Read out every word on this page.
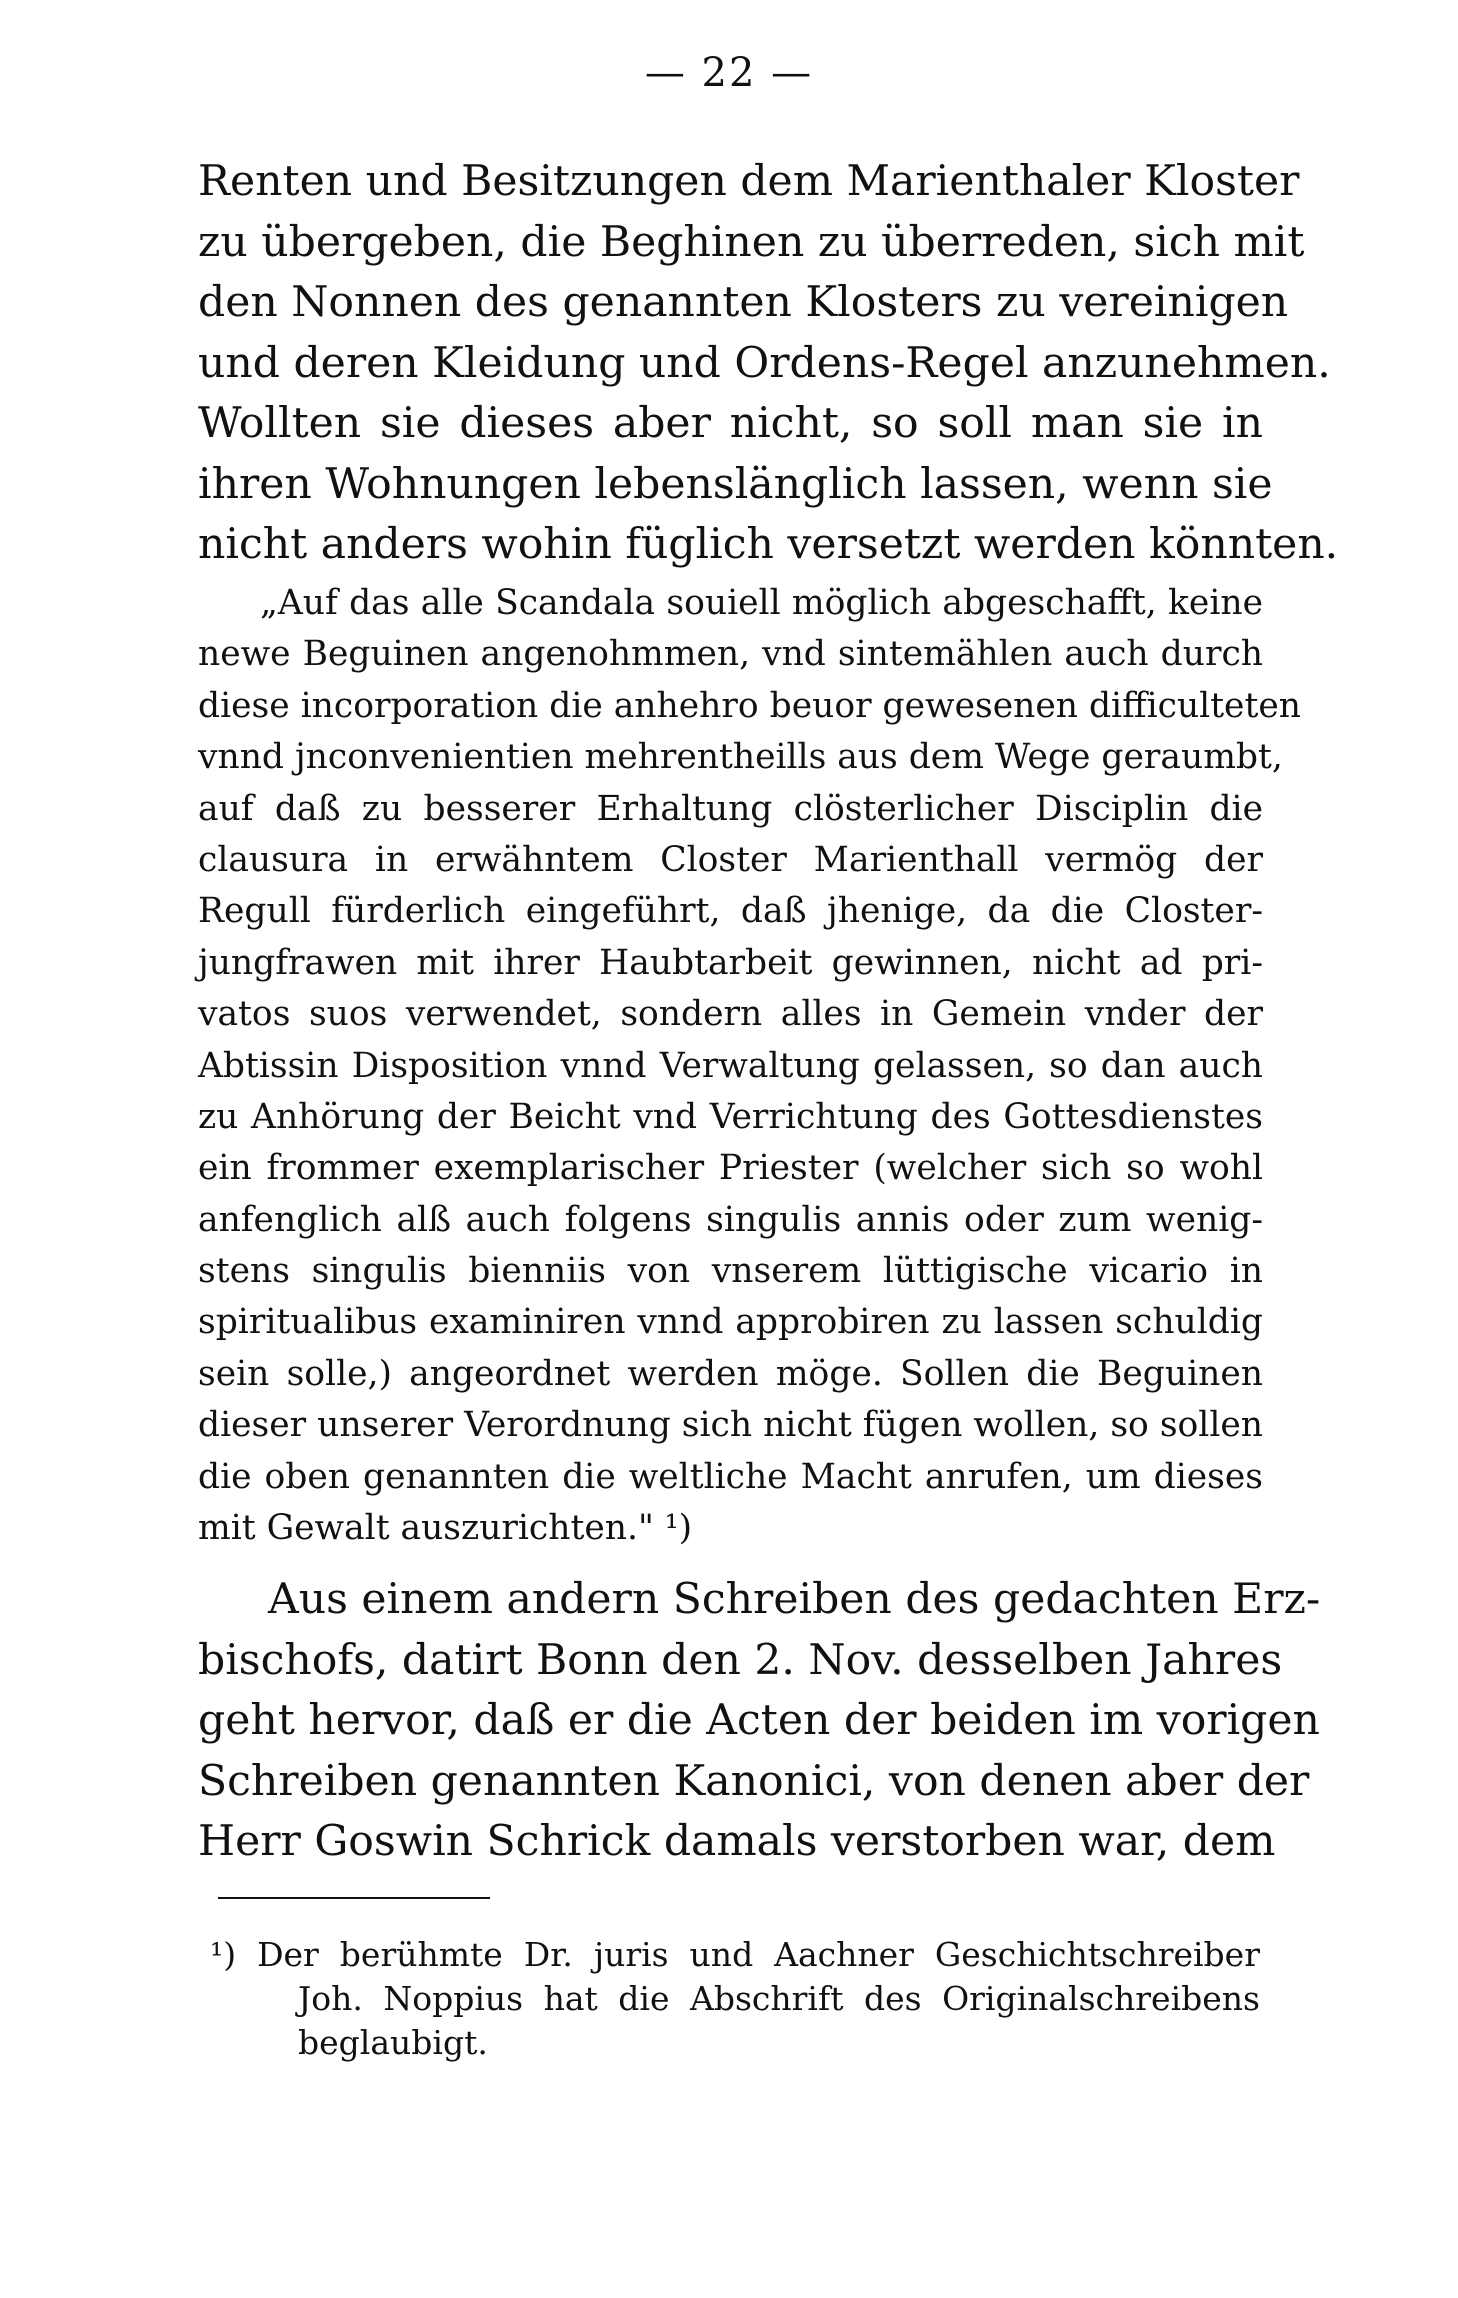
— 22 —
Renten und Besitzungen dem Marienthaler Kloster
zu übergeben, die Beghinen zu überreden, sich mit
den Nonnen des genannten Klosters zu vereinigen
und deren Kleidung und Ordens-Regel anzunehmen.
Wollten sie dieses aber nicht, so soll man sie in
ihren Wohnungen lebenslänglich lassen, wenn sie
nicht anders wohin füglich versetzt werden könnten.
„Auf das alle Scandala souiell möglich abgeschafft, keine
newe Beguinen angenohmmen, vnd sintemählen auch durch
diese incorporation die anhehro beuor gewesenen difficulteten
vnnd jnconvenientien mehrentheills aus dem Wege geraumbt,
auf daß zu besserer Erhaltung clösterlicher Disciplin die
clausura in erwähntem Closter Marienthall vermög der
Regull fürderlich eingeführt, daß jhenige, da die Closter-
jungfrawen mit ihrer Haubtarbeit gewinnen, nicht ad pri-
vatos suos verwendet, sondern alles in Gemein vnder der
Abtissin Disposition vnnd Verwaltung gelassen, so dan auch
zu Anhörung der Beicht vnd Verrichtung des Gottesdienstes
ein frommer exemplarischer Priester (welcher sich so wohl
anfenglich alß auch folgens singulis annis oder zum wenig-
stens singulis bienniis von vnserem lüttigische vicario in
spiritualibus examiniren vnnd approbiren zu lassen schuldig
sein solle,) angeordnet werden möge. Sollen die Beguinen
dieser unserer Verordnung sich nicht fügen wollen, so sollen
die oben genannten die weltliche Macht anrufen, um dieses
mit Gewalt auszurichten." ¹)
Aus einem andern Schreiben des gedachten Erz-
bischofs, datirt Bonn den 2. Nov. desselben Jahres
geht hervor, daß er die Acten der beiden im vorigen
Schreiben genannten Kanonici, von denen aber der
Herr Goswin Schrick damals verstorben war, dem
¹) Der berühmte Dr. juris und Aachner Geschichtschreiber
Joh. Noppius hat die Abschrift des Originalschreibens
beglaubigt.
